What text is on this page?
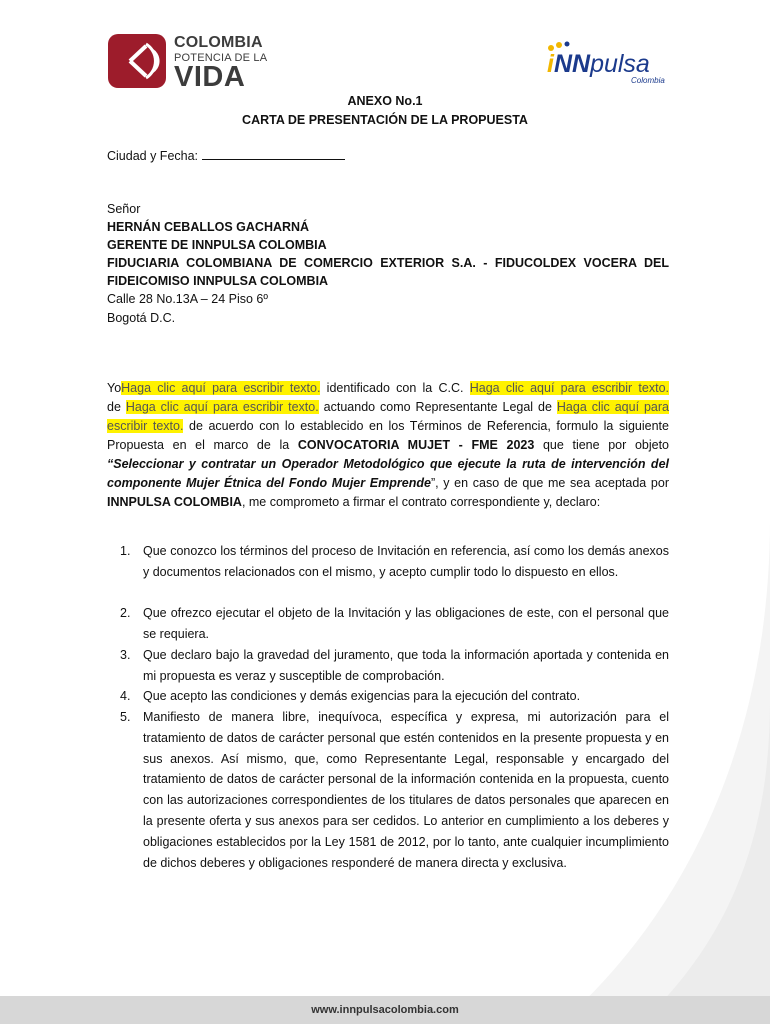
COLOMBIA
POTENCIA DE LA
VIDA	iNNpulsa
Colombia
ANEXO No.1
CARTA DE PRESENTACIÓN DE LA PROPUESTA
Ciudad y Fecha:
Señor
HERNÁN CEBALLOS GACHARNÁ
GERENTE DE INNPULSA COLOMBIA
FIDUCIARIA COLOMBIANA DE COMERCIO EXTERIOR S.A. - FIDUCOLDEX VOCERA DEL
FIDEICOMISO INNPULSA COLOMBIA
Calle 28 No.13A – 24 Piso 6º
Bogotá D.C.
YoHaga clic aquí para escribir texto. identificado con la C.C. Haga clic aquí para escribir texto.
de Haga clic aquí para escribir texto. actuando como Representante Legal de Haga clic aquí para
escribir texto. de acuerdo con lo establecido en los Términos de Referencia, formulo la siguiente
Propuesta en el marco de la CONVOCATORIA MUJET - FME 2023 que tiene por objeto
“Seleccionar y contratar un Operador Metodológico que ejecute la ruta de intervención del
componente Mujer Étnica del Fondo Mujer Emprende”, y en caso de que me sea aceptada por
INNPULSA COLOMBIA, me comprometo a firmar el contrato correspondiente y, declaro:
1.	Que conozco los términos del proceso de Invitación en referencia, así como los demás anexos y documentos relacionados con el mismo, y acepto cumplir todo lo dispuesto en ellos.
2.	Que ofrezco ejecutar el objeto de la Invitación y las obligaciones de este, con el personal que se requiera.
3.	Que declaro bajo la gravedad del juramento, que toda la información aportada y contenida en mi propuesta es veraz y susceptible de comprobación.
4.	Que acepto las condiciones y demás exigencias para la ejecución del contrato.
5.	Manifiesto de manera libre, inequívoca, específica y expresa, mi autorización para el tratamiento de datos de carácter personal que estén contenidos en la presente propuesta y en sus anexos. Así mismo, que, como Representante Legal, responsable y encargado del tratamiento de datos de carácter personal de la información contenida en la propuesta, cuento con las autorizaciones correspondientes de los titulares de datos personales que aparecen en la presente oferta y sus anexos para ser cedidos. Lo anterior en cumplimiento a los deberes y obligaciones establecidos por la Ley 1581 de 2012, por lo tanto, ante cualquier incumplimiento de dichos deberes y obligaciones responderé de manera directa y exclusiva.
www.innpulsacolombia.com
